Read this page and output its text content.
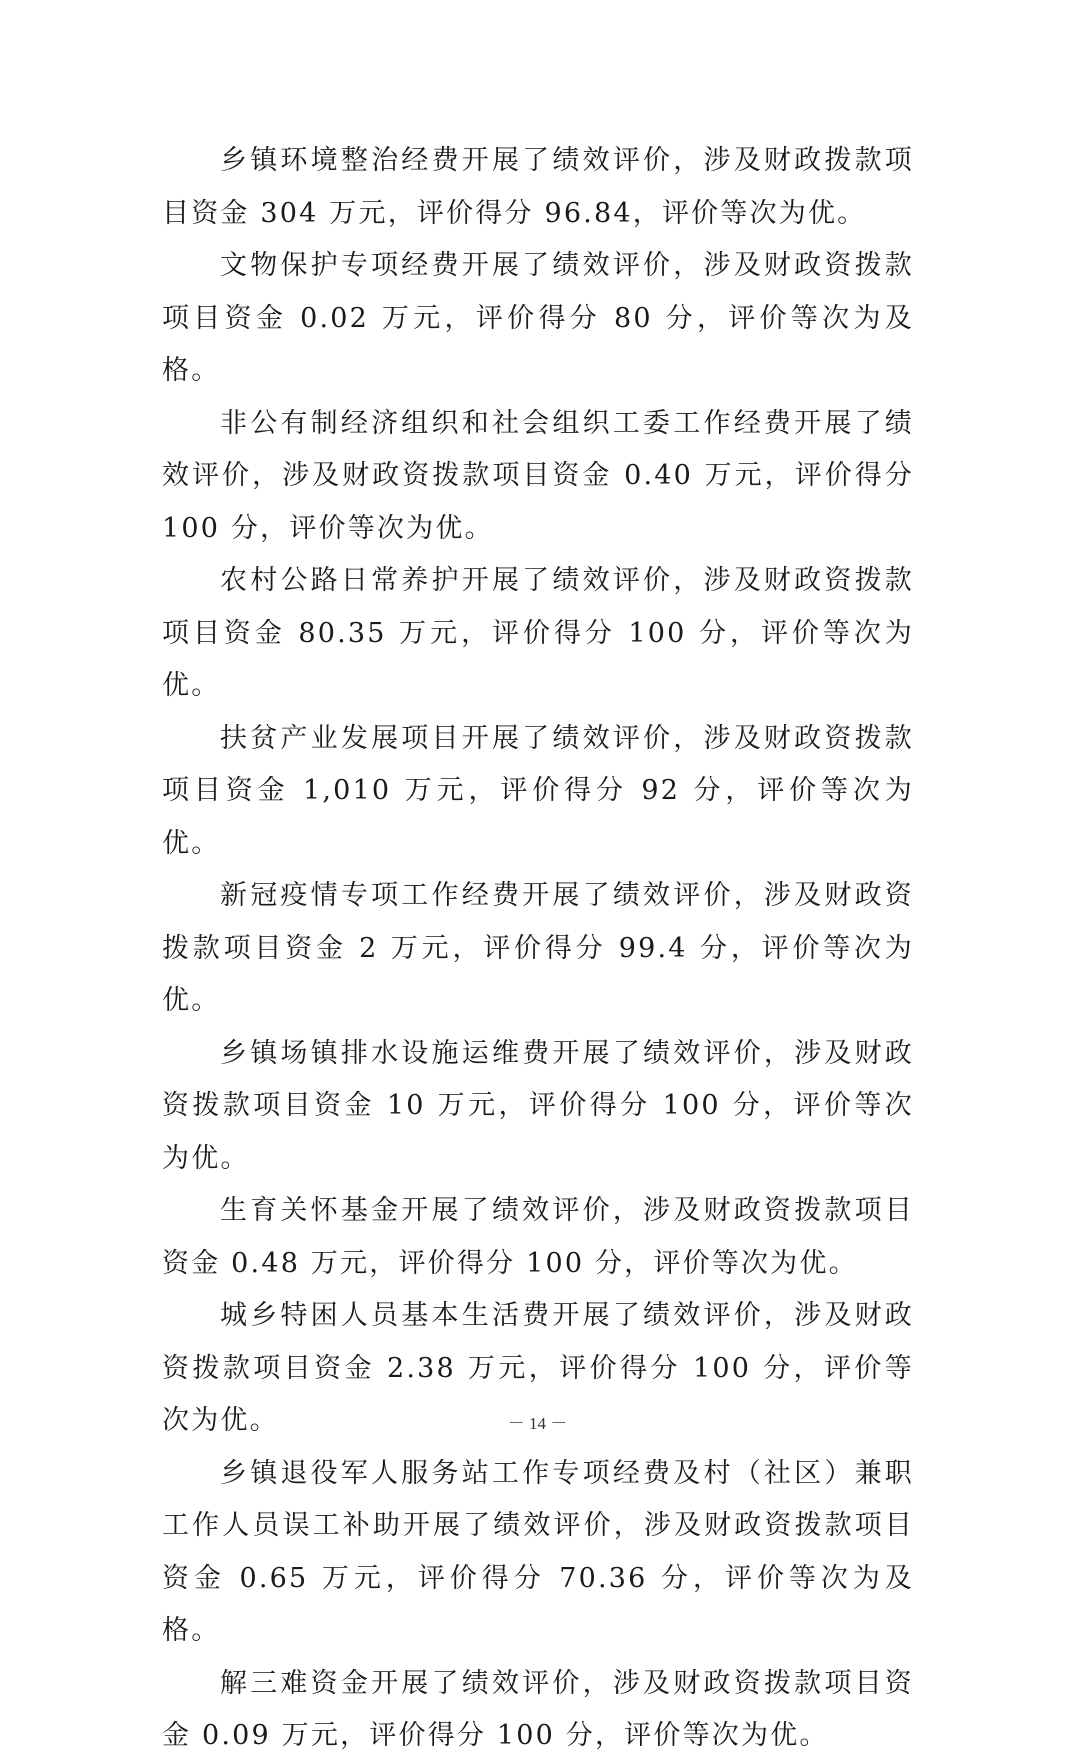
乡镇环境整治经费开展了绩效评价，涉及财政拨款项目资金 304 万元，评价得分 96.84，评价等次为优。

文物保护专项经费开展了绩效评价，涉及财政资拨款项目资金 0.02 万元，评价得分 80 分，评价等次为及格。

非公有制经济组织和社会组织工委工作经费开展了绩效评价，涉及财政资拨款项目资金 0.40 万元，评价得分 100 分，评价等次为优。

农村公路日常养护开展了绩效评价，涉及财政资拨款项目资金 80.35 万元，评价得分 100 分，评价等次为优。

扶贫产业发展项目开展了绩效评价，涉及财政资拨款项目资金 1,010 万元，评价得分 92 分，评价等次为优。

新冠疫情专项工作经费开展了绩效评价，涉及财政资拨款项目资金 2 万元，评价得分 99.4 分，评价等次为优。

乡镇场镇排水设施运维费开展了绩效评价，涉及财政资拨款项目资金 10 万元，评价得分 100 分，评价等次为优。

生育关怀基金开展了绩效评价，涉及财政资拨款项目资金 0.48 万元，评价得分 100 分，评价等次为优。

城乡特困人员基本生活费开展了绩效评价，涉及财政资拨款项目资金 2.38 万元，评价得分 100 分，评价等次为优。

乡镇退役军人服务站工作专项经费及村（社区）兼职工作人员误工补助开展了绩效评价，涉及财政资拨款项目资金 0.65 万元，评价得分 70.36 分，评价等次为及格。

解三难资金开展了绩效评价，涉及财政资拨款项目资金 0.09 万元，评价得分 100 分，评价等次为优。

－ 14 －
